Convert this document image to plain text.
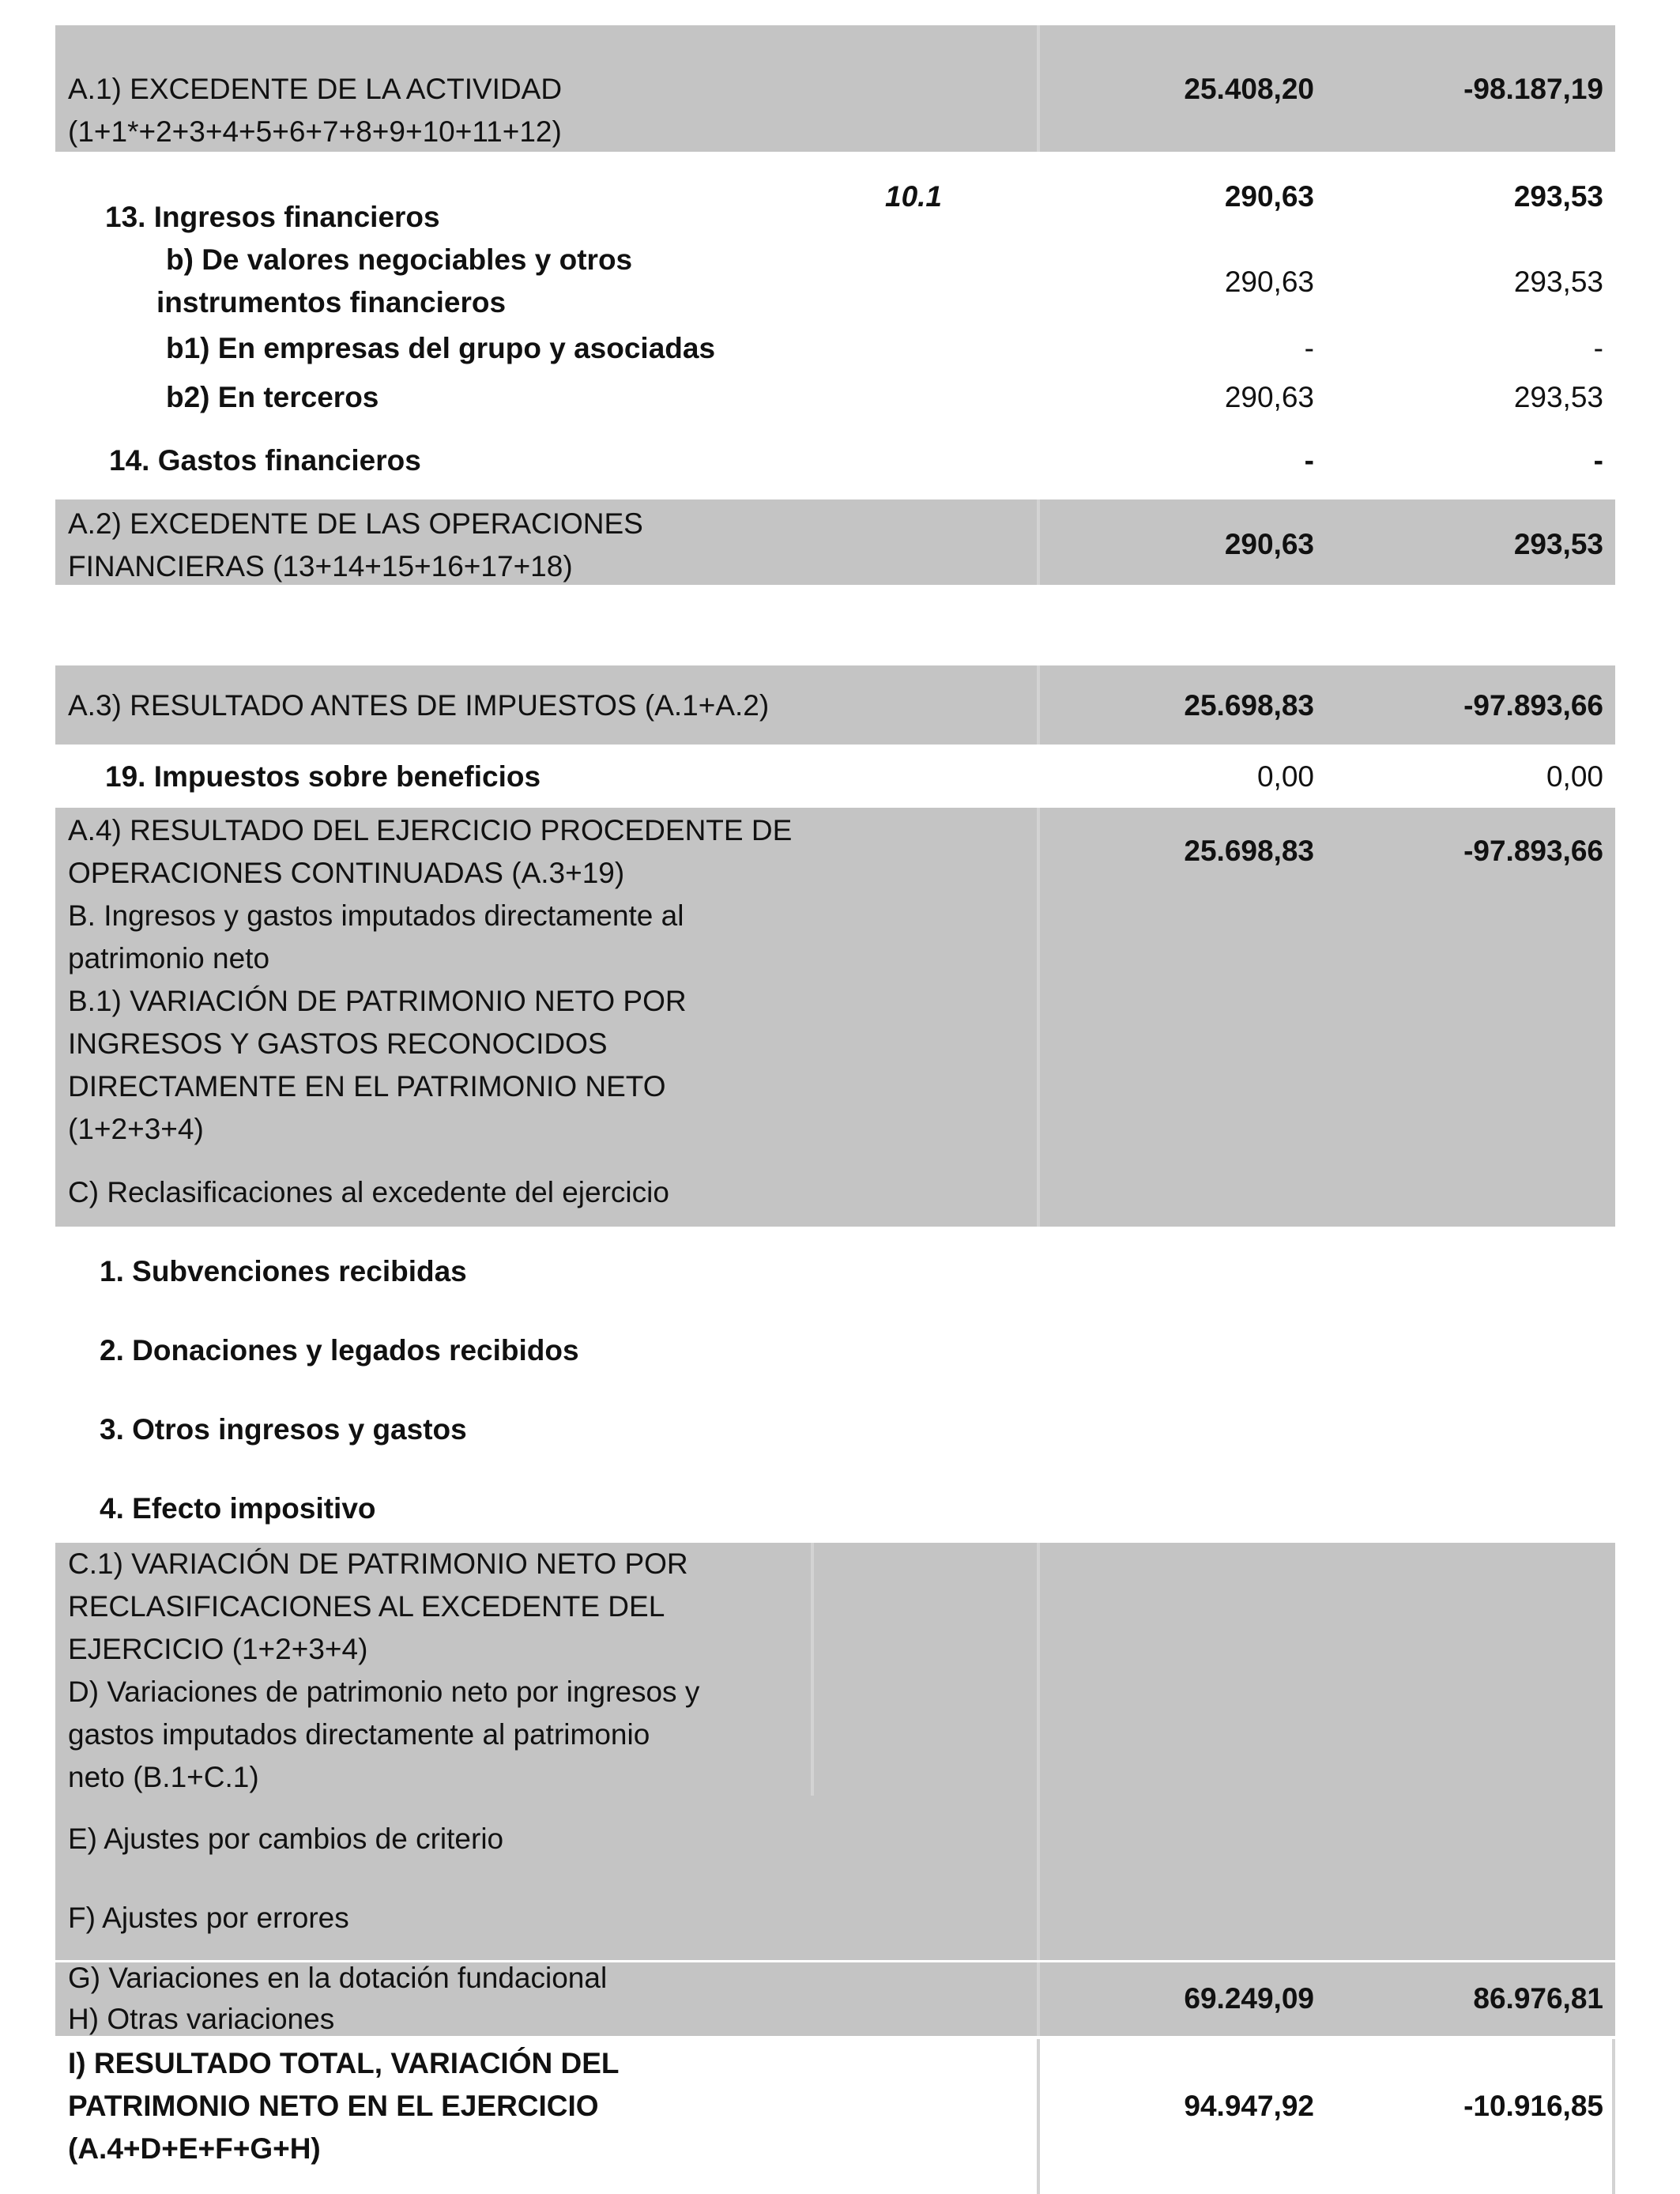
A.1) EXCEDENTE DE LA ACTIVIDAD
(1+1*+2+3+4+5+6+7+8+9+10+11+12)
25.408,20	-98.187,19
13. Ingresos financieros
10.1	290,63	293,53
b) De valores negociables y otros
instrumentos financieros
290,63	293,53
b1) En empresas del grupo y asociadas	-	-
b2) En terceros	290,63	293,53
14. Gastos financieros	-	-
A.2) EXCEDENTE DE LAS OPERACIONES
FINANCIERAS (13+14+15+16+17+18)
290,63	293,53
A.3) RESULTADO ANTES DE IMPUESTOS (A.1+A.2)	25.698,83	-97.893,66
19. Impuestos sobre beneficios	0,00	0,00
A.4) RESULTADO DEL EJERCICIO PROCEDENTE DE
OPERACIONES CONTINUADAS (A.3+19)
25.698,83	-97.893,66
B. Ingresos y gastos imputados directamente al
patrimonio neto
B.1) VARIACIÓN DE PATRIMONIO NETO POR
INGRESOS Y GASTOS RECONOCIDOS
DIRECTAMENTE EN EL PATRIMONIO NETO
(1+2+3+4)
C) Reclasificaciones al excedente del ejercicio
1. Subvenciones recibidas
2. Donaciones y legados recibidos
3. Otros ingresos y gastos
4. Efecto impositivo
C.1) VARIACIÓN DE PATRIMONIO NETO POR
RECLASIFICACIONES AL EXCEDENTE DEL
EJERCICIO (1+2+3+4)
D) Variaciones de patrimonio neto por ingresos y
gastos imputados directamente al patrimonio
neto (B.1+C.1)
E) Ajustes por cambios de criterio
F) Ajustes por errores
G) Variaciones en la dotación fundacional
H) Otras variaciones
69.249,09	86.976,81
I) RESULTADO TOTAL, VARIACIÓN DEL
PATRIMONIO NETO EN EL EJERCICIO
(A.4+D+E+F+G+H)
94.947,92	-10.916,85
